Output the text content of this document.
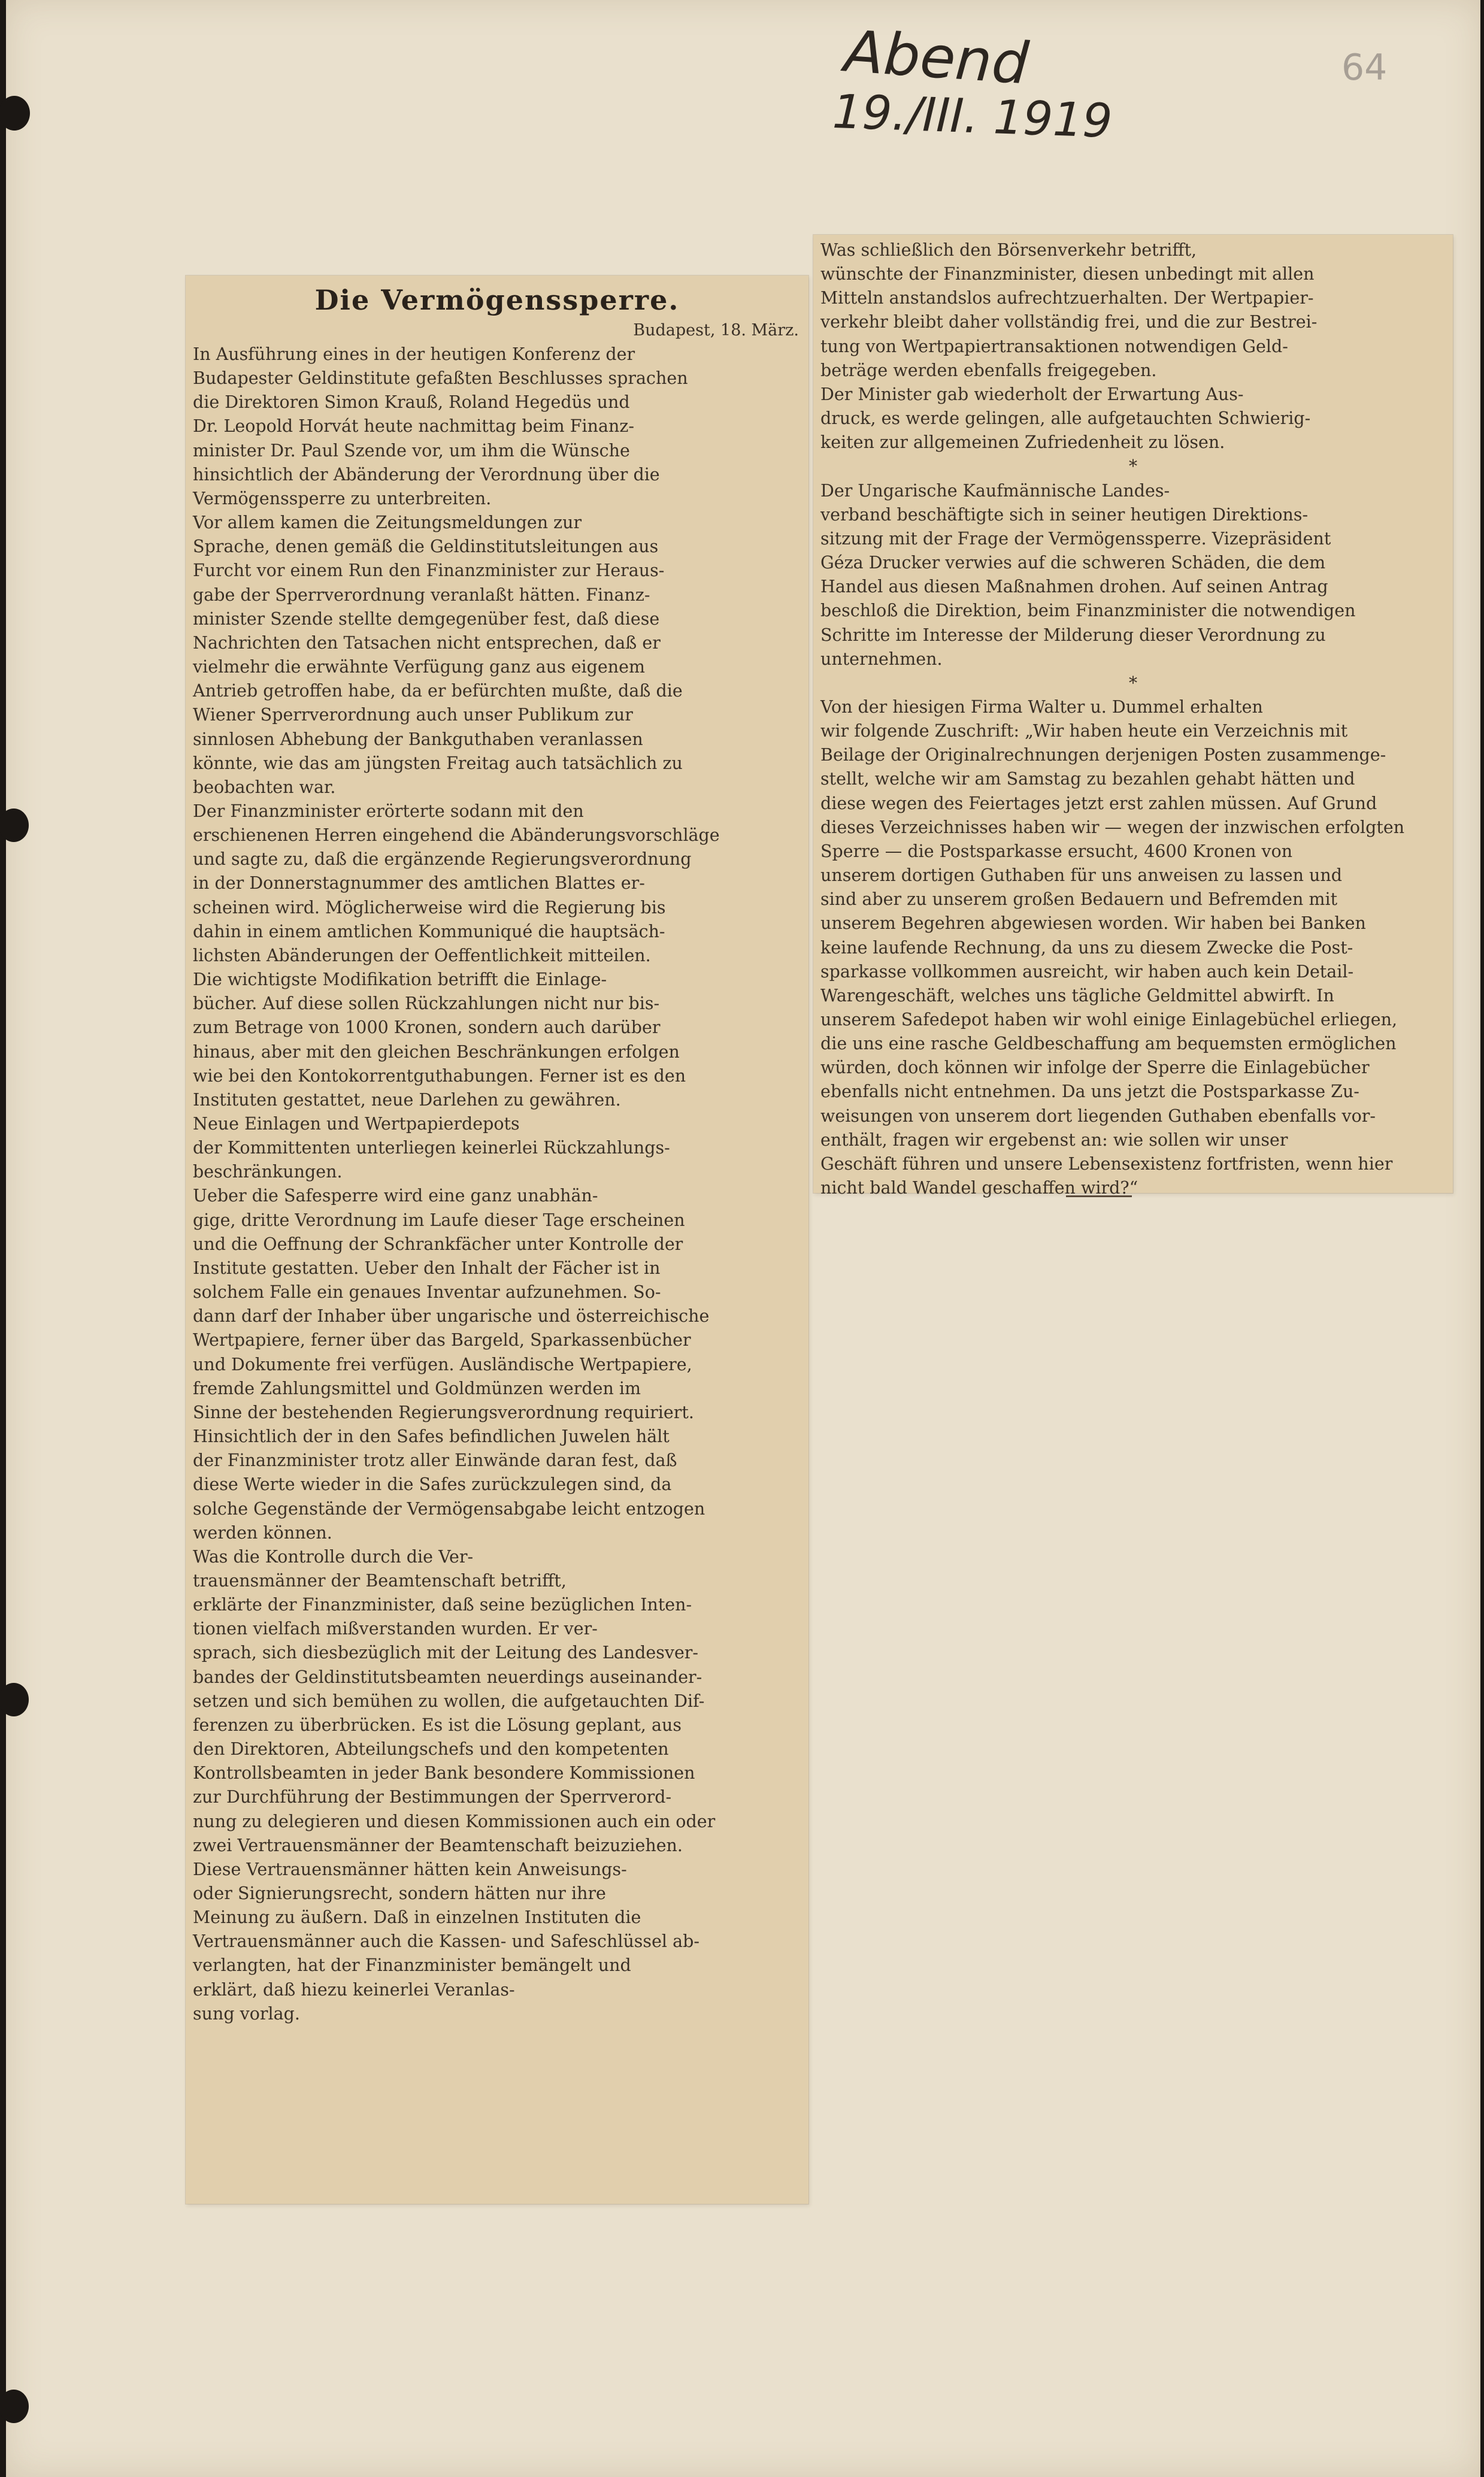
Abend
19./III. 1919
64
Die Vermögenssperre.
Budapest, 18. März.

In Ausführung eines in der heutigen Konferenz der

Budapester Geldinstitute gefaßten Beschlusses sprachen

die Direktoren Simon Krauß, Roland Hegedüs und

Dr. Leopold Horvát heute nachmittag beim Finanz-

minister Dr. Paul Szende vor, um ihm die Wünsche

hinsichtlich der Abänderung der Verordnung über die

Vermögenssperre zu unterbreiten.

Vor allem kamen die Zeitungsmeldungen zur

Sprache, denen gemäß die Geldinstitutsleitungen aus

Furcht vor einem Run den Finanzminister zur Heraus-

gabe der Sperrverordnung veranlaßt hätten. Finanz-

minister Szende stellte demgegenüber fest, daß diese

Nachrichten den Tatsachen nicht entsprechen, daß er

vielmehr die erwähnte Verfügung ganz aus eigenem

Antrieb getroffen habe, da er befürchten mußte, daß die

Wiener Sperrverordnung auch unser Publikum zur

sinnlosen Abhebung der Bankguthaben veranlassen

könnte, wie das am jüngsten Freitag auch tatsächlich zu

beobachten war.

Der Finanzminister erörterte sodann mit den

erschienenen Herren eingehend die Abänderungsvorschläge

und sagte zu, daß die ergänzende Regierungsverordnung

in der Donnerstagnummer des amtlichen Blattes er-

scheinen wird. Möglicherweise wird die Regierung bis

dahin in einem amtlichen Kommuniqué die hauptsäch-

lichsten Abänderungen der Oeffentlichkeit mitteilen.

Die wichtigste Modifikation betrifft die Einlage-

bücher. Auf diese sollen Rückzahlungen nicht nur bis-

zum Betrage von 1000 Kronen, sondern auch darüber

hinaus, aber mit den gleichen Beschränkungen erfolgen

wie bei den Kontokorrentguthabungen. Ferner ist es den

Instituten gestattet, neue Darlehen zu gewähren.

Neue Einlagen und Wertpapierdepots

der Kommittenten unterliegen keinerlei Rückzahlungs-

beschränkungen.

Ueber die Safesperre wird eine ganz unabhän-

gige, dritte Verordnung im Laufe dieser Tage erscheinen

und die Oeffnung der Schrankfächer unter Kontrolle der

Institute gestatten. Ueber den Inhalt der Fächer ist in

solchem Falle ein genaues Inventar aufzunehmen. So-

dann darf der Inhaber über ungarische und österreichische

Wertpapiere, ferner über das Bargeld, Sparkassenbücher

und Dokumente frei verfügen. Ausländische Wertpapiere,

fremde Zahlungsmittel und Goldmünzen werden im

Sinne der bestehenden Regierungsverordnung requiriert.

Hinsichtlich der in den Safes befindlichen Juwelen hält

der Finanzminister trotz aller Einwände daran fest, daß

diese Werte wieder in die Safes zurückzulegen sind, da

solche Gegenstände der Vermögensabgabe leicht entzogen

werden können.

Was die Kontrolle durch die Ver-

trauensmänner der Beamtenschaft betrifft,

erklärte der Finanzminister, daß seine bezüglichen Inten-

tionen vielfach mißverstanden wurden. Er ver-

sprach, sich diesbezüglich mit der Leitung des Landesver-

bandes der Geldinstitutsbeamten neuerdings auseinander-

setzen und sich bemühen zu wollen, die aufgetauchten Dif-

ferenzen zu überbrücken. Es ist die Lösung geplant, aus

den Direktoren, Abteilungschefs und den kompetenten

Kontrollsbeamten in jeder Bank besondere Kommissionen

zur Durchführung der Bestimmungen der Sperrverord-

nung zu delegieren und diesen Kommissionen auch ein oder

zwei Vertrauensmänner der Beamtenschaft beizuziehen.

Diese Vertrauensmänner hätten kein Anweisungs-

oder Signierungsrecht, sondern hätten nur ihre

Meinung zu äußern. Daß in einzelnen Instituten die

Vertrauensmänner auch die Kassen- und Safeschlüssel ab-

verlangten, hat der Finanzminister bemängelt und

erklärt, daß hiezu keinerlei Veranlas-

sung vorlag.

Was schließlich den Börsenverkehr betrifft,

wünschte der Finanzminister, diesen unbedingt mit allen

Mitteln anstandslos aufrechtzuerhalten. Der Wertpapier-

verkehr bleibt daher vollständig frei, und die zur Bestrei-

tung von Wertpapiertransaktionen notwendigen Geld-

beträge werden ebenfalls freigegeben.

Der Minister gab wiederholt der Erwartung Aus-

druck, es werde gelingen, alle aufgetauchten Schwierig-

keiten zur allgemeinen Zufriedenheit zu lösen.

*

Der Ungarische Kaufmännische Landes-

verband beschäftigte sich in seiner heutigen Direktions-

sitzung mit der Frage der Vermögenssperre. Vizepräsident

Géza Drucker verwies auf die schweren Schäden, die dem

Handel aus diesen Maßnahmen drohen. Auf seinen Antrag

beschloß die Direktion, beim Finanzminister die notwendigen

Schritte im Interesse der Milderung dieser Verordnung zu

unternehmen.

*

Von der hiesigen Firma Walter u. Dummel erhalten

wir folgende Zuschrift: „Wir haben heute ein Verzeichnis mit

Beilage der Originalrechnungen derjenigen Posten zusammenge-

stellt, welche wir am Samstag zu bezahlen gehabt hätten und

diese wegen des Feiertages jetzt erst zahlen müssen. Auf Grund

dieses Verzeichnisses haben wir — wegen der inzwischen erfolgten

Sperre — die Postsparkasse ersucht, 4600 Kronen von

unserem dortigen Guthaben für uns anweisen zu lassen und

sind aber zu unserem großen Bedauern und Befremden mit

unserem Begehren abgewiesen worden. Wir haben bei Banken

keine laufende Rechnung, da uns zu diesem Zwecke die Post-

sparkasse vollkommen ausreicht, wir haben auch kein Detail-

Warengeschäft, welches uns tägliche Geldmittel abwirft. In

unserem Safedepot haben wir wohl einige Einlagebüchel erliegen,

die uns eine rasche Geldbeschaffung am bequemsten ermöglichen

würden, doch können wir infolge der Sperre die Einlagebücher

ebenfalls nicht entnehmen. Da uns jetzt die Postsparkasse Zu-

weisungen von unserem dort liegenden Guthaben ebenfalls vor-

enthält, fragen wir ergebenst an: wie sollen wir unser

Geschäft führen und unsere Lebensexistenz fortfristen, wenn hier

nicht bald Wandel geschaffen wird?“
